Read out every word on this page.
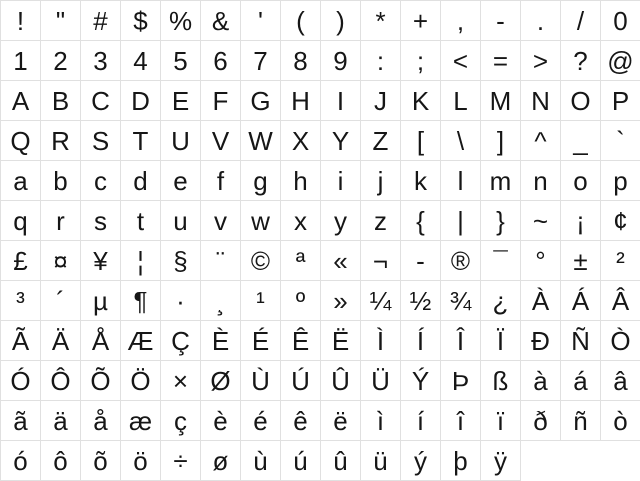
!	"	# $ % &	'	(	)	*	+	,	-	.	/	0
1 2 3 4 5 6 7 8 9	:	;	< = > ? @
A B C D E F G H	I	J K L M N O P
Q R S T U V W X Y Z	[	\	]	^	_	`
a b	c	d e	f	g h	i	j	k	l	m n o p
q	r	s	t	u	v w x	y	z	{	|	}	~	¡	¢
£ ¤ ¥	¦	§	¨	© ª	« ¬	-	® ¯	°	±	²
³	´	µ ¶	·	¸	¹	º	» ¼ ½ ¾ ¿ À Á Â
Ã Ä Å Æ Ç È É Ê Ë	Ì	Í	Î	Ï	Ð Ñ Ò
Ó Ô Õ Ö × Ø Ù Ú Û Ü Ý Þ ß à á â
ã ä å æ ç	è é ê ë	ì	í	î	ï	ð ñ ò
ó ô õ ö ÷ ø ù ú û ü	ý	þ	ÿ
